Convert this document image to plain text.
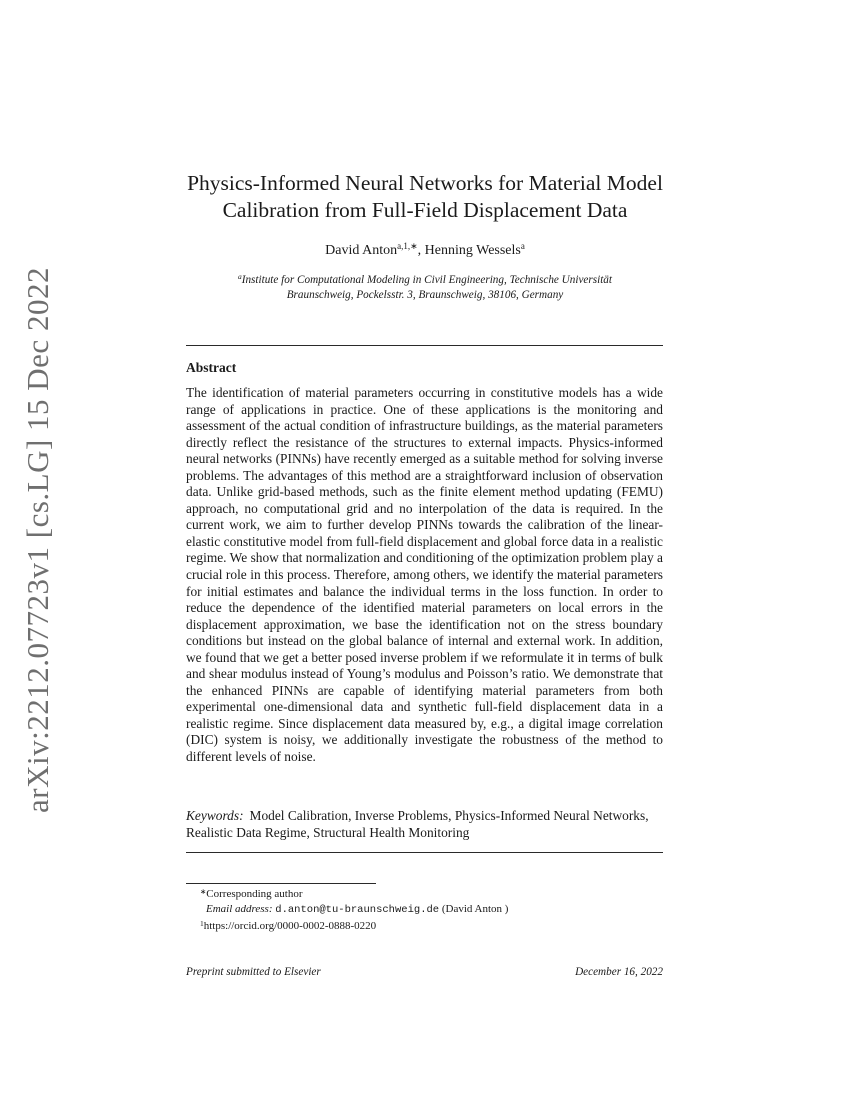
arXiv:2212.07723v1 [cs.LG] 15 Dec 2022
Physics-Informed Neural Networks for Material Model
Calibration from Full-Field Displacement Data
David Anton$^{a,1,∗}$, Henning Wessels$^a$
$^a$Institute for Computational Modeling in Civil Engineering, Technische Universität
Braunschweig, Pockelsstr. 3, Braunschweig, 38106, Germany
Abstract

The identification of material parameters occurring in constitutive models has a wide range of applications in practice. One of these applications is the monitoring and assessment of the actual condition of infrastructure buildings, as the material parameters directly reflect the resistance of the structures to external impacts. Physics-informed neural networks (PINNs) have recently emerged as a suitable method for solving inverse problems. The advantages of this method are a straightforward inclusion of observation data. Unlike grid-based methods, such as the finite element method updating (FEMU) approach, no computational grid and no interpolation of the data is required. In the current work, we aim to further develop PINNs towards the calibration of the linear-elastic constitutive model from full-field displacement and global force data in a realistic regime. We show that normalization and conditioning of the optimization problem play a crucial role in this process. Therefore, among others, we identify the material parameters for initial estimates and balance the individual terms in the loss function. In order to reduce the dependence of the identified material parameters on local errors in the displacement approximation, we base the identification not on the stress boundary conditions but instead on the global balance of internal and external work. In addition, we found that we get a better posed inverse problem if we reformulate it in terms of bulk and shear modulus instead of Young’s modulus and Poisson’s ratio. We demonstrate that the enhanced PINNs are capable of identifying material parameters from both experimental one-dimensional data and synthetic full-field displacement data in a realistic regime. Since displacement data measured by, e.g., a digital image correlation (DIC) system is noisy, we additionally investigate the robustness of the method to different levels of noise.

Keywords: Model Calibration, Inverse Problems, Physics-Informed Neural Networks, Realistic Data Regime, Structural Health Monitoring

∗Corresponding author
Email address: d.anton@tu-braunschweig.de (David Anton )
$^1$https://orcid.org/0000-0002-0888-0220
Preprint submitted to Elsevier	December 16, 2022
